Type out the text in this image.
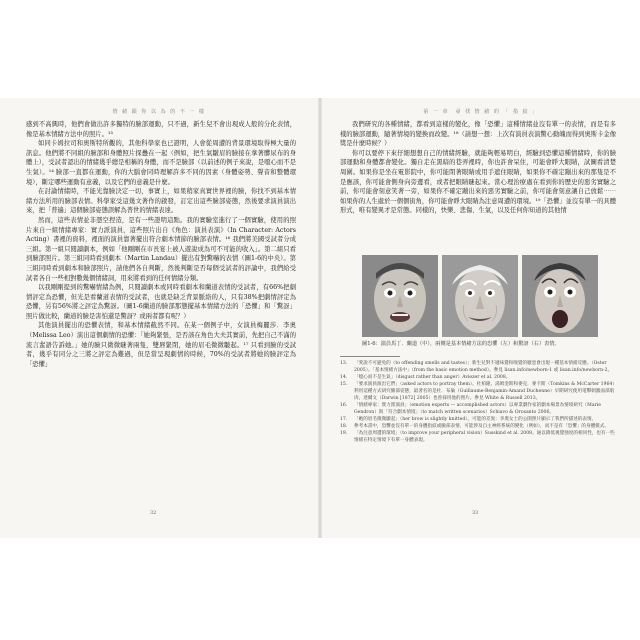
情 緒 跟 你 以 為 的 不 一 樣

感到不高興時，他們會做出許多獨特的臉部運動，只不過，新生兒不會出現成人般的分化表情，像是基本情緒方法中的照片。¹³

如同卡姆拉司和奧斯特所觀的，其他科學家也已證明，人會從周遭的背景環境取得極大量的訊息。他們將不同組的臉部和身體照片探疊在一起（例如，把生氣皺眉的臉接在拿著髒尿布的身體上），受試者認出的情緒幾乎總是相稱的身體，而不是臉部（以前述的例子來說，是噁心而不是生氣）。¹⁴ 臉部一直都在運動，你的大腦會同時理解許多不同的因素（身體姿勢、聲音和整體環境），斷定哪些運動有意義，以及它們的意義是什麼。

在討論情緒時，不能光靠臉決定一切，事實上，如果稍家真實世界裡的臉，你找不到基本情緒方法所用的臉部表情。科學家受這幾文著作的啟發，訂定出這些臉部姿態，然後要求演員演出來，把「普遍」這個臉部姿態誤解為普世的情緒表達。

然而，這些表情並非憑空捏造，是有一些證明這點。我的實驗室進行了一個實驗，使用的照片來自一組情緒專家：實力派演員，這些照片出自《角色：演員表演》（In Character: Actors Acting）書裡的資料，裡面的演員靠著擺出符合劇本情節的臉部表情。¹⁶ 我們將美國受試者分成三組。第一組只閱讀劇本，例如「他剛剛在市長宴上被人遊說成為可不可能的收入」。第二組只看到臉部照片。第三組同時看到劇本（Martin Landau）擺出有對驚嚇的表情（圖1-6的中央）。第三組同時看到劇本和臉部照片，請他們各自判斷，然後判斷是否每個受試者的評論中，我們給受試者各自一些相對數幾個情緒詞，用來將看到的任何情緒分類。

以我剛剛提到的驚嚇情緒為例，只閱讀劇本或同時看劇本和蘭道表情的受試者，有66%把劇情評定為恐懼，但光是看蘭道表情的受試者，也就是缺乏背景脈絡的人，只有38%把劇情評定為恐懼，另有56%將之評定為驚訝。（圖1-6蘭道的臉部那態擺基本情緒方法的「恐懼」和「驚訝」照片做比較，蘭道的臉是害怕還是驚訝？或兩者都有呢？）

其他演員擺出的恐懼表情，和基本情緒截然不同。在某一個例子中，女演員梅麗莎．李奧（Melissa Leo）演出這個劇情的恐懼：「她夠緊張，是否該在角色大夫其實前，先把自己不滿的流言蜚語告訴她。」她的臉只微微瞇著兩隻，雙唇緊閉，她的眉毛微微皺起。¹⁷ 只看到臉的受試者，幾乎有同分之三將之評定為難過，但是當呈現劇情的時候，70%的受試者將她的臉評定為「恐懼」

32
第 一 章　尋 找 情 緒 的 「 指 紋 」

我們研究的各種情緒，都看到這樣的變化，像「恐懼」這種情緒並沒有單一的表情，而是有多樣的臉部運動，隨著情境的變換而改變。¹⁸（請想一想：上次有演員表演驚心動魄而得到奧斯卡金像獎是什麼時候？）

你可以要停下來仔細想想自己的情緒經驗，就能夠輕易明白，經驗到恐懼這種情緒時，你的臉部運動和身體都會變化。獨自走在黑暗的巷弄裡時，你也許會呆住，可能會睜大眼睛，試圖看清楚周圍。如果你是坐在電影院中，你可能閉著眼睛或用手遮住眼睛，如果你不確定蹦出來的那隻是不是應該，你可能會側身向旁邊看，或者把眼睛瞇起來。當心理治療處在看到你的歷史的惡劣實驗之前，你可能會刻意笑著一旁，如果你不確定蹦出來的惡劣實驗之前，你可能會刻意讓自己放鬆⋯⋯如果你的人生處於一個個街角，你可能會睜大眼睛為注意周遭的環境。¹⁹「恐懼」並沒有單一的具體形式，唯有變異才是常態。同樣的，快樂、悲傷、生氣，以及任何你知道的其他情

圖1-6：演員馬丁．蘭道（中），兩側是基本情緒方法的恐懼（左）和驚訝（右）表情。
13. 「愛說不可避免的（to offending smells and tastes）」新生兒對不適味覺和嗅覺的厭惡會出現一種基本情緒反應。（Oster 2005）。「基本情緒方法中」（from the basic emotion method）。參見 lisan.info/newborn-1 或 lisan.info/newborn-2。
14. 「噁心而不是生氣」（disgust rather than anger）Aviezer et al. 2008。
15. 「要求演員演出它們」（asked actors to portray them）。杜柏隆、湯姆金斯和麥克．麥卡斯（Tomkins & McCarter 1964）利用這種方式研究臉部姿態，最著名的是杜．布倫（Guillaume-Benjamin-Amand Duchenne）早期研究使用電擊刺激面部肌肉，達爾文（Darwin [1872] 2005）也曾採用他的照片。參見 White & Russell 2013。
16. 「情緒專家：實力派演員」（emotion experts — accomplished actors）以專業劇作家的劇本場景為情境研究（Marie Gendron）與「符合劇本情境」（to match written scenarios）Schiavo & Orosanto 2006。
17. 「她的眉毛微微皺起」（her brow is slightly knitted）。可能的差異：李奧女士的公開照片顯示了我們所描述的表情。
18. 參考本書中，恐懼並沒有單一的身體指紋或臉部表情，可能涉及自主神經系統的變化（例如），而不是有「恐懼」的身體模式。
19. 「為注意周遭的環境」（to improve your peripheral vision）Susskind et al. 2008。通以降低視覺強度的相同性，也有一些情緒在特定情境下有單一身體表現。
33
